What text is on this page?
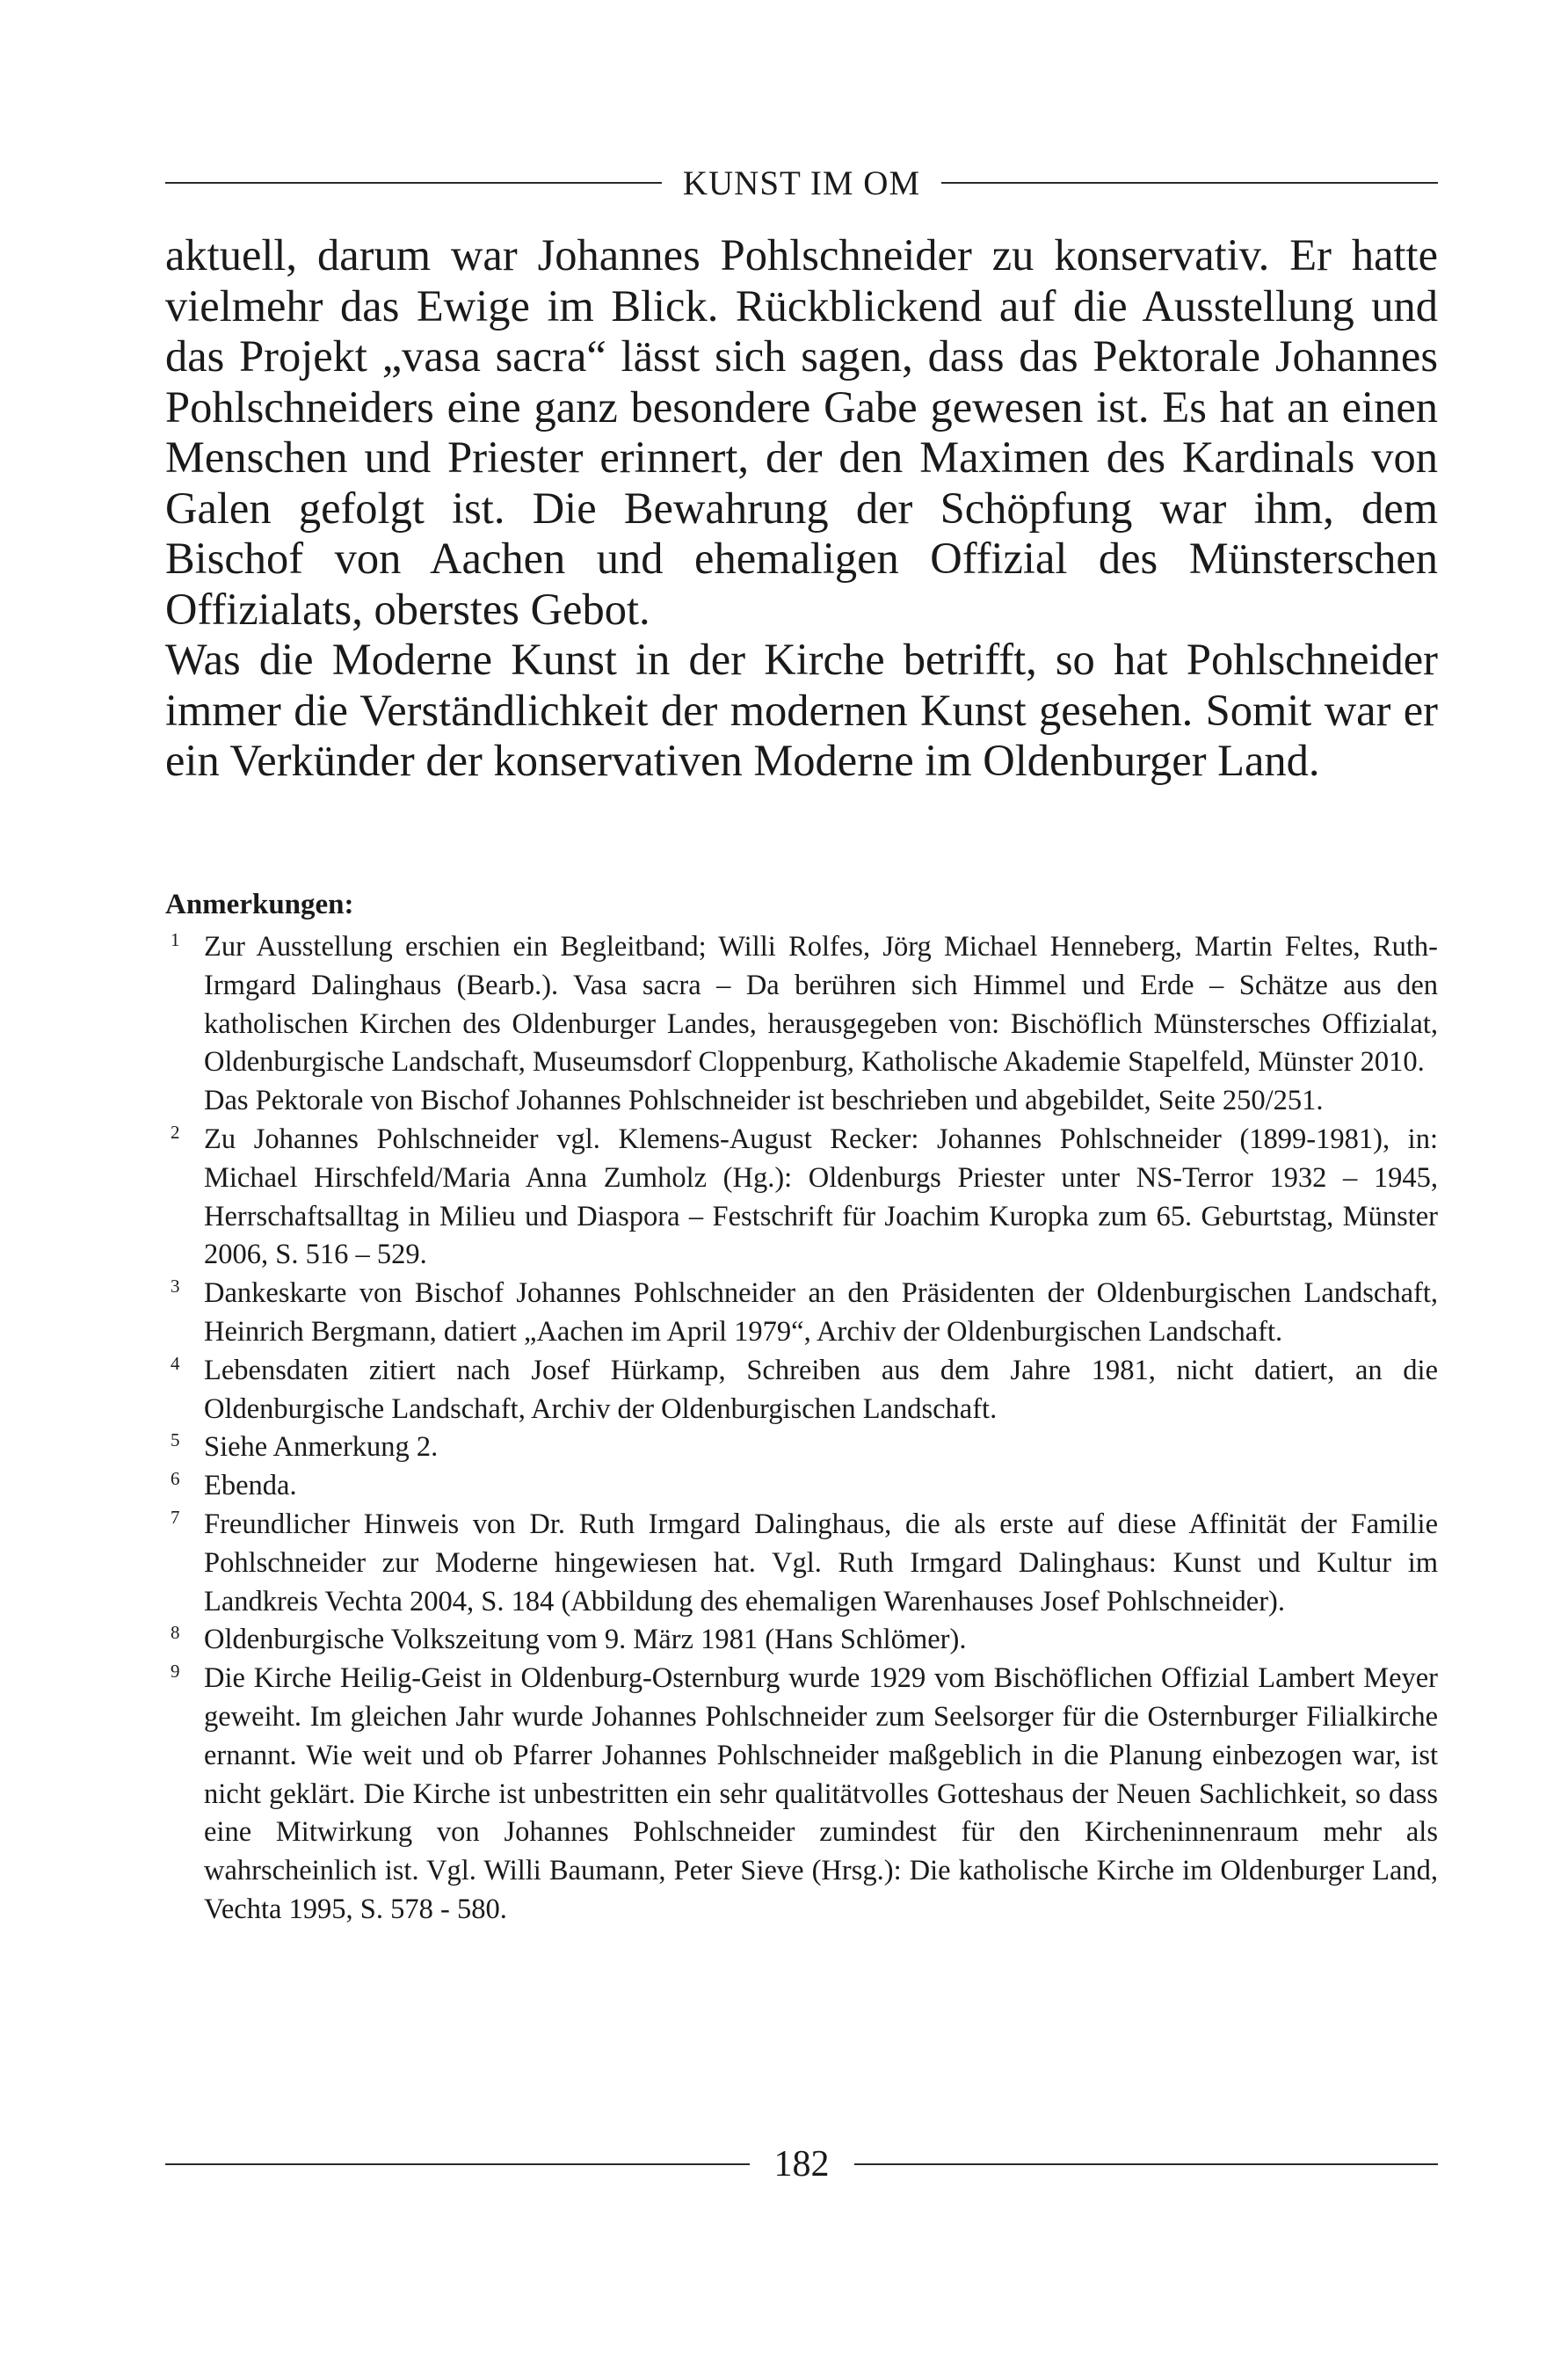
KUNST IM OM

aktuell, darum war Johannes Pohlschneider zu konservativ. Er hatte vielmehr das Ewige im Blick. Rückblickend auf die Ausstellung und das Projekt „vasa sacra“ lässt sich sagen, dass das Pektorale Johannes Pohlschneiders eine ganz besondere Gabe gewesen ist. Es hat an einen Menschen und Priester erinnert, der den Maximen des Kardinals von Galen gefolgt ist. Die Bewahrung der Schöpfung war ihm, dem Bischof von Aachen und ehemaligen Offizial des Münsterschen Offizialats, oberstes Gebot.

Was die Moderne Kunst in der Kirche betrifft, so hat Pohlschneider immer die Verständlichkeit der modernen Kunst gesehen. Somit war er ein Verkünder der konservativen Moderne im Oldenburger Land.

Anmerkungen:
1 Zur Ausstellung erschien ein Begleitband; Willi Rolfes, Jörg Michael Henneberg, Martin Feltes, Ruth-Irmgard Dalinghaus (Bearb.). Vasa sacra – Da berühren sich Himmel und Erde – Schätze aus den katholischen Kirchen des Oldenburger Landes, herausgegeben von: Bischöflich Münstersches Offizialat, Oldenburgische Landschaft, Museumsdorf Cloppenburg, Katholische Akademie Stapelfeld, Münster 2010.

Das Pektorale von Bischof Johannes Pohlschneider ist beschrieben und abgebildet, Seite 250/251.

2 Zu Johannes Pohlschneider vgl. Klemens-August Recker: Johannes Pohlschneider (1899-1981), in: Michael Hirschfeld/Maria Anna Zumholz (Hg.): Oldenburgs Priester unter NS-Terror 1932 – 1945, Herrschaftsalltag in Milieu und Diaspora – Festschrift für Joachim Kuropka zum 65. Geburtstag, Münster 2006, S. 516 – 529.

3 Dankeskarte von Bischof Johannes Pohlschneider an den Präsidenten der Oldenburgischen Landschaft, Heinrich Bergmann, datiert „Aachen im April 1979“, Archiv der Oldenburgischen Landschaft.

4 Lebensdaten zitiert nach Josef Hürkamp, Schreiben aus dem Jahre 1981, nicht datiert, an die Oldenburgische Landschaft, Archiv der Oldenburgischen Landschaft.

5 Siehe Anmerkung 2.

6 Ebenda.

7 Freundlicher Hinweis von Dr. Ruth Irmgard Dalinghaus, die als erste auf diese Affinität der Familie Pohlschneider zur Moderne hingewiesen hat. Vgl. Ruth Irmgard Dalinghaus: Kunst und Kultur im Landkreis Vechta 2004, S. 184 (Abbildung des ehemaligen Warenhauses Josef Pohlschneider).

8 Oldenburgische Volkszeitung vom 9. März 1981 (Hans Schlömer).

9 Die Kirche Heilig-Geist in Oldenburg-Osternburg wurde 1929 vom Bischöflichen Offizial Lambert Meyer geweiht. Im gleichen Jahr wurde Johannes Pohlschneider zum Seelsorger für die Osternburger Filialkirche ernannt. Wie weit und ob Pfarrer Johannes Pohlschneider maßgeblich in die Planung einbezogen war, ist nicht geklärt. Die Kirche ist unbestritten ein sehr qualitätvolles Gotteshaus der Neuen Sachlichkeit, so dass eine Mitwirkung von Johannes Pohlschneider zumindest für den Kircheninnenraum mehr als wahrscheinlich ist. Vgl. Willi Baumann, Peter Sieve (Hrsg.): Die katholische Kirche im Oldenburger Land, Vechta 1995, S. 578 - 580.

182
